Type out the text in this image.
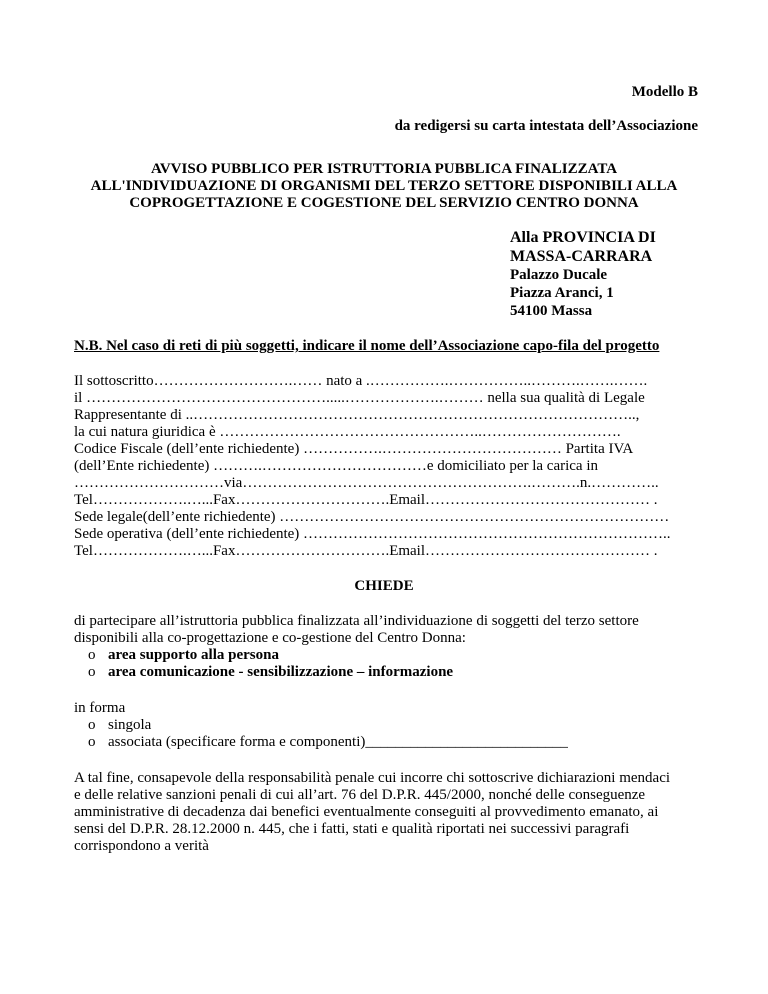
Modello B
da redigersi su carta intestata dell’Associazione
AVVISO PUBBLICO PER ISTRUTTORIA PUBBLICA FINALIZZATA
ALL'INDIVIDUAZIONE DI ORGANISMI DEL TERZO SETTORE DISPONIBILI ALLA
COPROGETTAZIONE E COGESTIONE DEL SERVIZIO CENTRO DONNA
Alla PROVINCIA DI
MASSA-CARRARA
Palazzo Ducale
Piazza Aranci, 1
54100 Massa
N.B. Nel caso di reti di più soggetti, indicare il nome dell’Associazione capo-fila del progetto
Il sottoscritto……………………….…… nato a .…………….……………..……….…….…….
il ………………………………………….....……………….……… nella sua qualità di Legale
Rappresentante di ..……………………………………………………………………………..,
la cui natura giuridica è ……………………………………………..……………………….
Codice Fiscale (dell’ente richiedente) …………….……………………………… Partita IVA
(dell’Ente richiedente) ……….……………………………e domiciliato per la carica in
…………………………via………………………………………………….……….n.…………..
Tel……………….…...Fax………………………….Email……………………………………… .
Sede legale(dell’ente richiedente) ……………………………………………………………………
Sede operativa (dell’ente richiedente) ………………………………………………………………..
Tel……………….…...Fax………………………….Email……………………………………… .
CHIEDE
di partecipare all’istruttoria pubblica finalizzata all’individuazione di soggetti del terzo settore
disponibili alla co-progettazione e co-gestione del Centro Donna:
o area supporto alla persona
o area comunicazione - sensibilizzazione – informazione
in forma
o singola
o associata (specificare forma e componenti)___________________________
A tal fine, consapevole della responsabilità penale cui incorre chi sottoscrive dichiarazioni mendaci
e delle relative sanzioni penali di cui all’art. 76 del D.P.R. 445/2000, nonché delle conseguenze
amministrative di decadenza dai benefici eventualmente conseguiti al provvedimento emanato, ai
sensi del D.P.R. 28.12.2000 n. 445, che i fatti, stati e qualità riportati nei successivi paragrafi
corrispondono a verità
